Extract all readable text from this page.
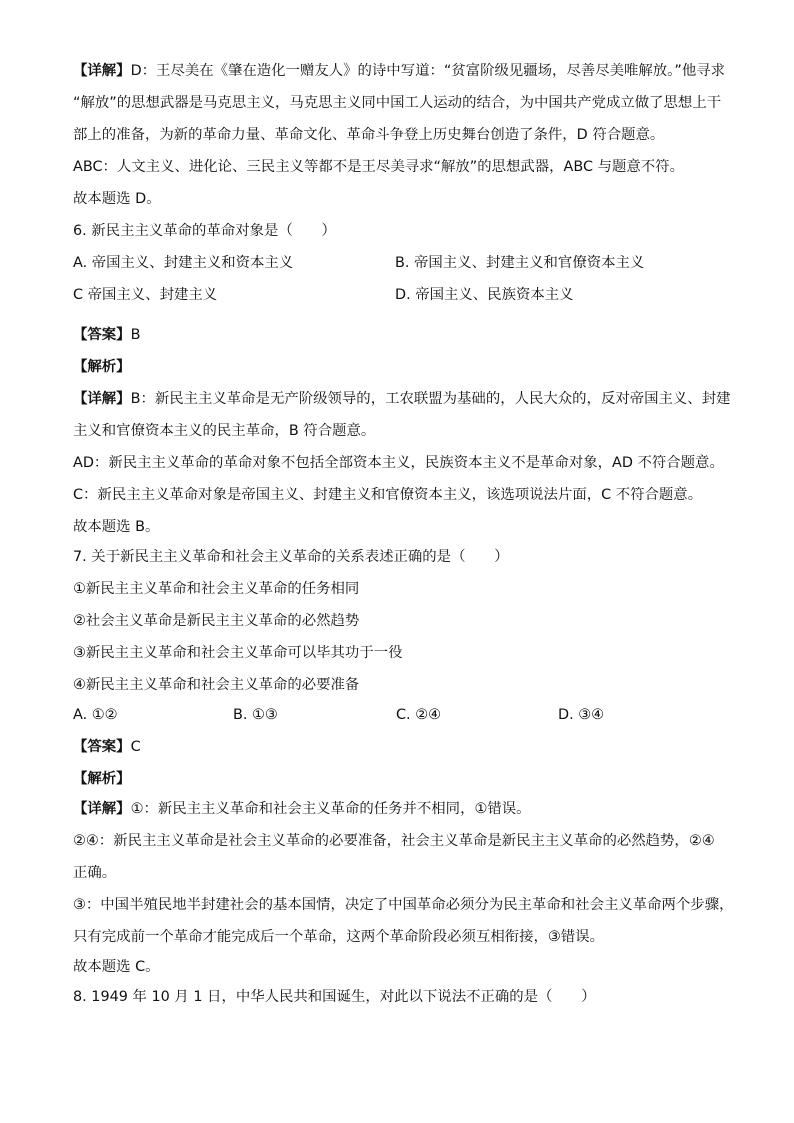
【详解】D：王尽美在《肇在造化一赠友人》的诗中写道：“贫富阶级见疆场，尽善尽美唯解放。”他寻求
“解放”的思想武器是马克思主义，马克思主义同中国工人运动的结合，为中国共产党成立做了思想上干
部上的准备，为新的革命力量、革命文化、革命斗争登上历史舞台创造了条件，D 符合题意。
ABC：人文主义、进化论、三民主义等都不是王尽美寻求“解放”的思想武器，ABC 与题意不符。
故本题选 D。
6. 新民主主义革命的革命对象是（　　）
A. 帝国主义、封建主义和资本主义	B. 帝国主义、封建主义和官僚资本主义
C 帝国主义、封建主义	D. 帝国主义、民族资本主义
【答案】B
【解析】
【详解】B：新民主主义革命是无产阶级领导的，工农联盟为基础的，人民大众的，反对帝国主义、封建
主义和官僚资本主义的民主革命，B 符合题意。
AD：新民主主义革命的革命对象不包括全部资本主义，民族资本主义不是革命对象，AD 不符合题意。
C：新民主主义革命对象是帝国主义、封建主义和官僚资本主义，该选项说法片面，C 不符合题意。
故本题选 B。
7. 关于新民主主义革命和社会主义革命的关系表述正确的是（　　）
①新民主主义革命和社会主义革命的任务相同
②社会主义革命是新民主主义革命的必然趋势
③新民主主义革命和社会主义革命可以毕其功于一役
④新民主主义革命和社会主义革命的必要准备
A. ①②	B. ①③	C. ②④	D. ③④
【答案】C
【解析】
【详解】①：新民主主义革命和社会主义革命的任务并不相同，①错误。
②④：新民主主义革命是社会主义革命的必要准备，社会主义革命是新民主主义革命的必然趋势，②④
正确。
③：中国半殖民地半封建社会的基本国情，决定了中国革命必须分为民主革命和社会主义革命两个步骤，
只有完成前一个革命才能完成后一个革命，这两个革命阶段必须互相衔接，③错误。
故本题选 C。
8. 1949 年 10 月 1 日，中华人民共和国诞生，对此以下说法不正确的是（　　）
